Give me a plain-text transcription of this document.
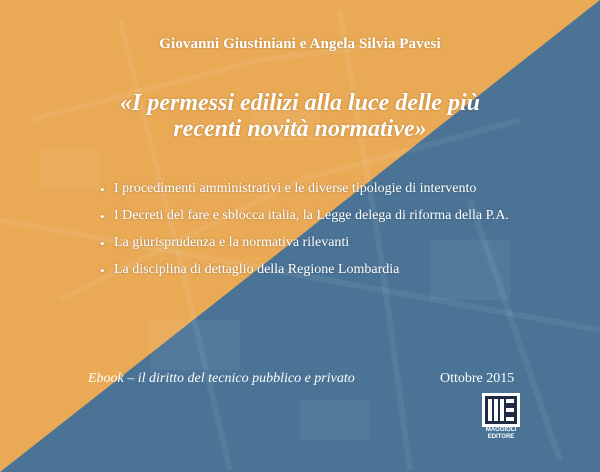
Giovanni Giustiniani e Angela Silvia Pavesi
«I permessi edilizi alla luce delle più
recenti novità normative»
• I procedimenti amministrativi e le diverse tipologie di intervento
• I Decreti del fare e sblocca italia, la Legge delega di riforma della P.A.
• La giurisprudenza e la normativa rilevanti
• La disciplina di dettaglio della Regione Lombardia
Ebook – il diritto del tecnico pubblico e privato	Ottobre 2015
MAGGIOLI
EDITORE
